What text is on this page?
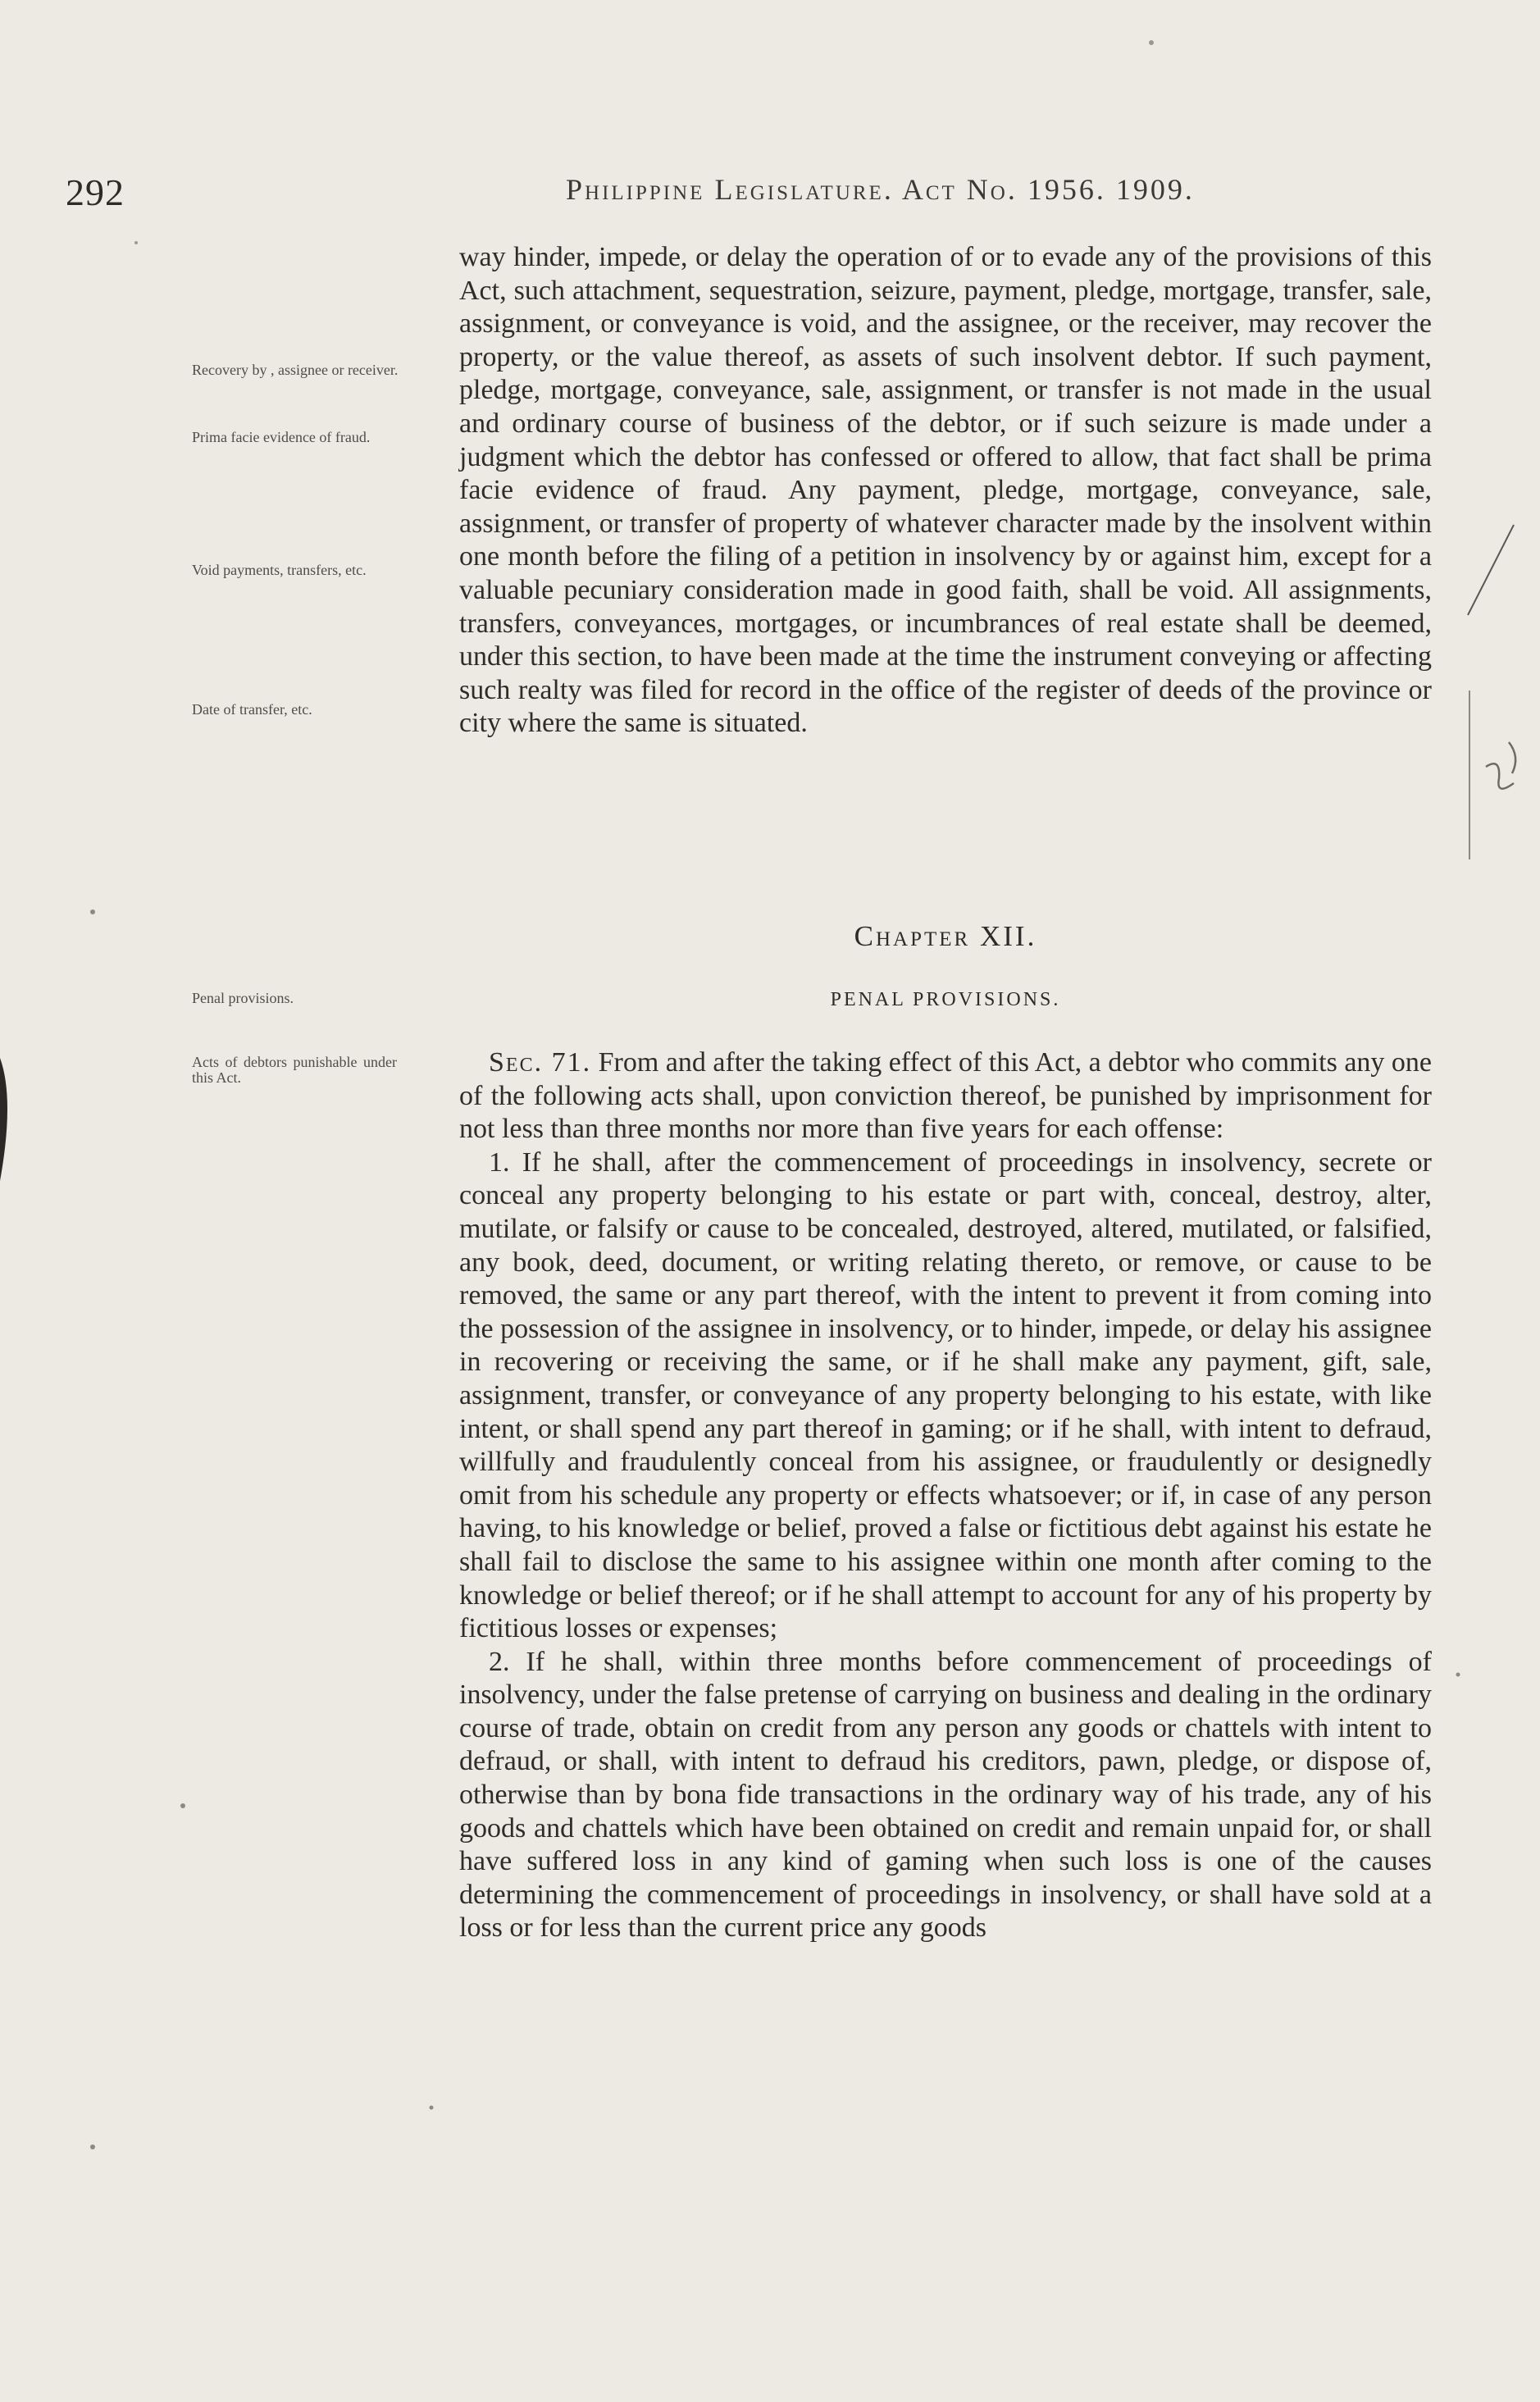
292	Philippine Legislature. Act No. 1956. 1909.
Recovery by , assignee or receiver.
Prima facie evidence of fraud.
Void payments, transfers, etc.
Date of transfer, etc.
Penal provisions.
Acts of debtors punishable under this Act.

way hinder, impede, or delay the operation of or to evade any of the provisions of this Act, such attachment, sequestration, seizure, payment, pledge, mortgage, transfer, sale, assignment, or conveyance is void, and the assignee, or the receiver, may recover the property, or the value thereof, as assets of such insolvent debtor. If such payment, pledge, mortgage, conveyance, sale, assignment, or transfer is not made in the usual and ordinary course of business of the debtor, or if such seizure is made under a judgment which the debtor has confessed or offered to allow, that fact shall be prima facie evidence of fraud. Any payment, pledge, mortgage, conveyance, sale, assignment, or transfer of property of whatever character made by the insolvent within one month before the filing of a petition in insolvency by or against him, except for a valuable pecuniary consideration made in good faith, shall be void. All assignments, transfers, conveyances, mortgages, or incumbrances of real estate shall be deemed, under this section, to have been made at the time the instrument conveying or affecting such realty was filed for record in the office of the register of deeds of the province or city where the same is situated.

Chapter XII.
PENAL PROVISIONS.

Sec. 71. From and after the taking effect of this Act, a debtor who commits any one of the following acts shall, upon conviction thereof, be punished by imprisonment for not less than three months nor more than five years for each offense:

1. If he shall, after the commencement of proceedings in insolvency, secrete or conceal any property belonging to his estate or part with, conceal, destroy, alter, mutilate, or falsify or cause to be concealed, destroyed, altered, mutilated, or falsified, any book, deed, document, or writing relating thereto, or remove, or cause to be removed, the same or any part thereof, with the intent to prevent it from coming into the possession of the assignee in insolvency, or to hinder, impede, or delay his assignee in recovering or receiving the same, or if he shall make any payment, gift, sale, assignment, transfer, or conveyance of any property belonging to his estate, with like intent, or shall spend any part thereof in gaming; or if he shall, with intent to defraud, willfully and fraudulently conceal from his assignee, or fraudulently or designedly omit from his schedule any property or effects whatsoever; or if, in case of any person having, to his knowledge or belief, proved a false or fictitious debt against his estate he shall fail to disclose the same to his assignee within one month after coming to the knowledge or belief thereof; or if he shall attempt to account for any of his property by fictitious losses or expenses;

2. If he shall, within three months before commencement of proceedings of insolvency, under the false pretense of carrying on business and dealing in the ordinary course of trade, obtain on credit from any person any goods or chattels with intent to defraud, or shall, with intent to defraud his creditors, pawn, pledge, or dispose of, otherwise than by bona fide transactions in the ordinary way of his trade, any of his goods and chattels which have been obtained on credit and remain unpaid for, or shall have suffered loss in any kind of gaming when such loss is one of the causes determining the commencement of proceedings in insolvency, or shall have sold at a loss or for less than the current price any goods
